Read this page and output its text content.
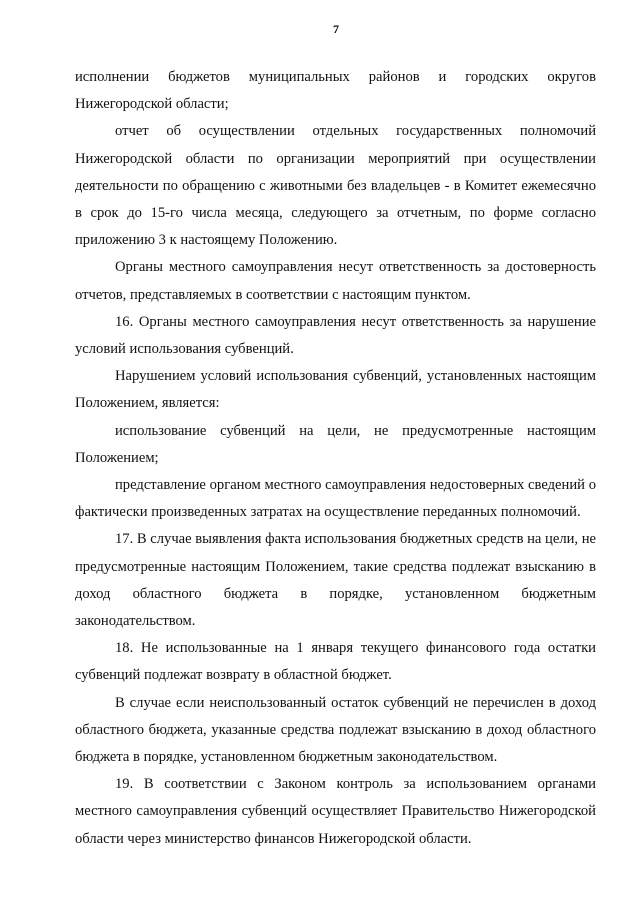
7

исполнении бюджетов муниципальных районов и городских округов Нижегородской области;

отчет об осуществлении отдельных государственных полномочий Нижегородской области по организации мероприятий при осуществлении деятельности по обращению с животными без владельцев - в Комитет ежемесячно в срок до 15-го числа месяца, следующего за отчетным, по форме согласно приложению 3 к настоящему Положению.

Органы местного самоуправления несут ответственность за достоверность отчетов, представляемых в соответствии с настоящим пунктом.

16. Органы местного самоуправления несут ответственность за нарушение условий использования субвенций.

Нарушением условий использования субвенций, установленных настоящим Положением, является:

использование субвенций на цели, не предусмотренные настоящим Положением;

представление органом местного самоуправления недостоверных сведений о фактически произведенных затратах на осуществление переданных полномочий.

17. В случае выявления факта использования бюджетных средств на цели, не предусмотренные настоящим Положением, такие средства подлежат взысканию в доход областного бюджета в порядке, установленном бюджетным законодательством.

18. Не использованные на 1 января текущего финансового года остатки субвенций подлежат возврату в областной бюджет.

В случае если неиспользованный остаток субвенций не перечислен в доход областного бюджета, указанные средства подлежат взысканию в доход областного бюджета в порядке, установленном бюджетным законодательством.

19. В соответствии с Законом контроль за использованием органами местного самоуправления субвенций осуществляет Правительство Нижегородской области через министерство финансов Нижегородской области.
